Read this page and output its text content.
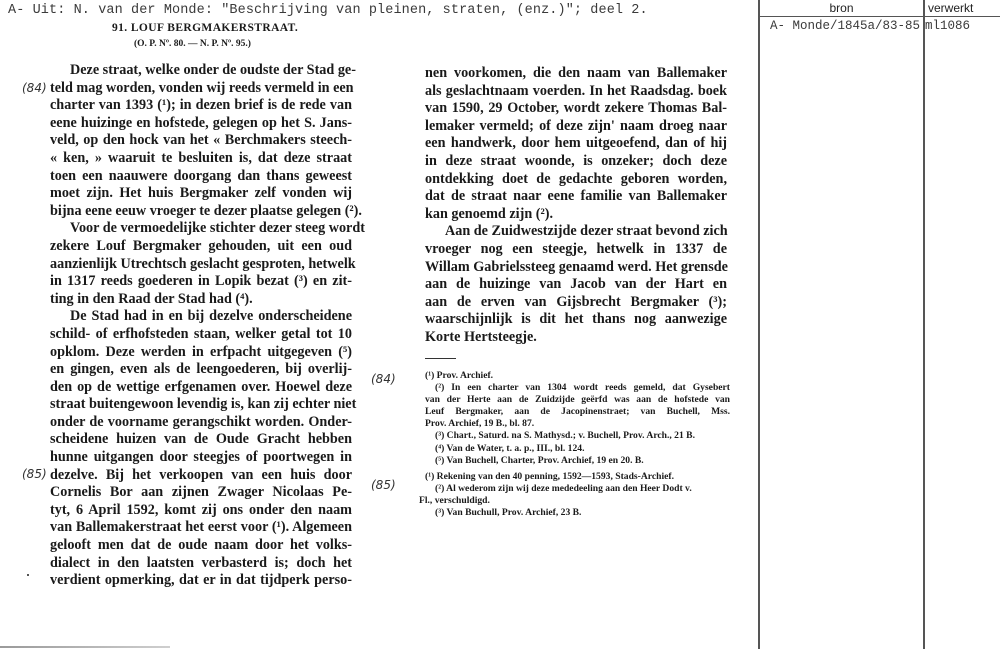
A- Uit: N. van der Monde: "Beschrijving van pleinen, straten, (enz.)"; deel 2.
91. LOUF BERGMAKERSTRAAT.
(O. P. Nº. 80. — N. P. Nº. 95.)
(84)
(85)
(84)
(85)
Deze straat, welke onder de oudste der Stad ge-
teld mag worden, vonden wij reeds vermeld in een
charter van 1393 (¹); in dezen brief is de rede van
eene huizinge en hofstede, gelegen op het S. Jans-
veld, op den hock van het « Berchmakers steech-
« ken, » waaruit te besluiten is, dat deze straat
toen een naauwere doorgang dan thans geweest
moet zijn. Het huis Bergmaker zelf vonden wij
bijna eene eeuw vroeger te dezer plaatse gelegen (²).
Voor de vermoedelijke stichter dezer steeg wordt
zekere Louf Bergmaker gehouden, uit een oud
aanzienlijk Utrechtsch geslacht gesproten, hetwelk
in 1317 reeds goederen in Lopik bezat (³) en zit-
ting in den Raad der Stad had (⁴).
De Stad had in en bij dezelve onderscheidene
schild- of erfhofsteden staan, welker getal tot 10
opklom. Deze werden in erfpacht uitgegeven (⁵)
en gingen, even als de leengoederen, bij overlij-
den op de wettige erfgenamen over. Hoewel deze
straat buitengewoon levendig is, kan zij echter niet
onder de voorname gerangschikt worden. Onder-
scheidene huizen van de Oude Gracht hebben
hunne uitgangen door steegjes of poortwegen in
dezelve. Bij het verkoopen van een huis door
Cornelis Bor aan zijnen Zwager Nicolaas Pe-
tyt, 6 April 1592, komt zij ons onder den naam
van Ballemakerstraat het eerst voor (¹). Algemeen
gelooft men dat de oude naam door het volks-
dialect in den laatsten verbasterd is; doch het
verdient opmerking, dat er in dat tijdperk perso-
nen voorkomen, die den naam van Ballemaker
als geslachtnaam voerden. In het Raadsdag. boek
van 1590, 29 October, wordt zekere Thomas Bal-
lemaker vermeld; of deze zijn' naam droeg naar
een handwerk, door hem uitgeoefend, dan of hij
in deze straat woonde, is onzeker; doch deze
ontdekking doet de gedachte geboren worden,
dat de straat naar eene familie van Ballemaker
kan genoemd zijn (²).
Aan de Zuidwestzijde dezer straat bevond zich
vroeger nog een steegje, hetwelk in 1337 de
Willam Gabrielssteeg genaamd werd. Het grensde
aan de huizinge van Jacob van der Hart en
aan de erven van Gijsbrecht Bergmaker (³);
waarschijnlijk is dit het thans nog aanwezige
Korte Hertsteegje.
(¹) Prov. Archief.
(²) In een charter van 1304 wordt reeds gemeld, dat Gysebert
van der Herte aan de Zuidzijde geërfd was aan de hofstede van
Leuf Bergmaker, aan de Jacopinenstraet; van Buchell, Mss.
Prov. Archief, 19 B., bl. 87.
(³) Chart., Saturd. na S. Mathysd.; v. Buchell, Prov. Arch., 21 B.
(⁴) Van de Water, t. a. p., III., bl. 124.
(⁵) Van Buchell, Charter, Prov. Archief, 19 en 20. B.
(¹) Rekening van den 40 penning, 1592—1593, Stads-Archief.
(²) Al wederom zijn wij deze mededeeling aan den Heer Dodt v.
Fl., verschuldigd.
(³) Van Buchull, Prov. Archief, 23 B.
bron	verwerkt
A- Monde/1845a/83-85 ml1086
